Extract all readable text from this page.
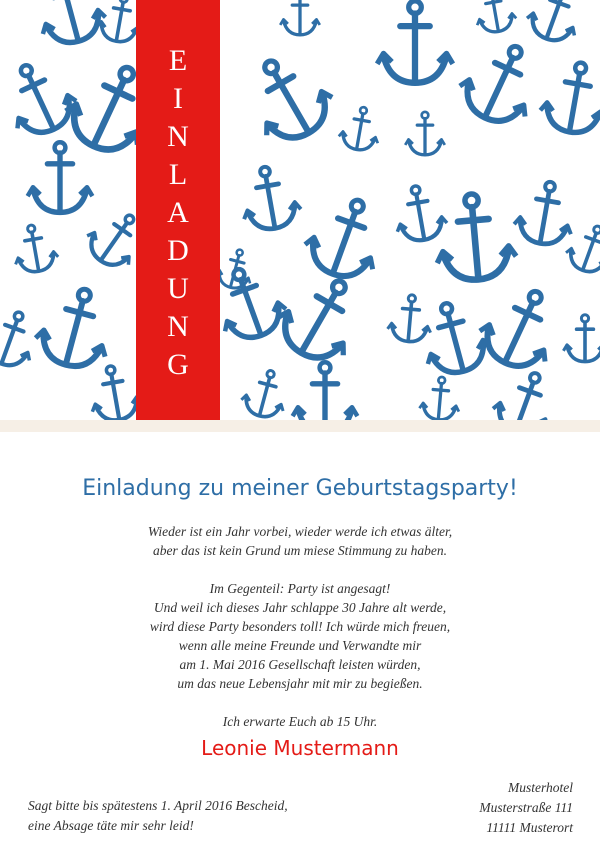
E
I
N
L
A
D
U
N
G
Einladung zu meiner Geburtstagsparty!

Wieder ist ein Jahr vorbei, wieder werde ich etwas älter,
aber das ist kein Grund um miese Stimmung zu haben.

Im Gegenteil: Party ist angesagt!
Und weil ich dieses Jahr schlappe 30 Jahre alt werde,
wird diese Party besonders toll! Ich würde mich freuen,
wenn alle meine Freunde und Verwandte mir
am 1. Mai 2016 Gesellschaft leisten würden,
um das neue Lebensjahr mit mir zu begießen.

Ich erwarte Euch ab 15 Uhr.

Leonie Mustermann
Sagt bitte bis spätestens 1. April 2016 Bescheid,
eine Absage täte mir sehr leid!
Musterhotel
Musterstraße 111
11111 Musterort
